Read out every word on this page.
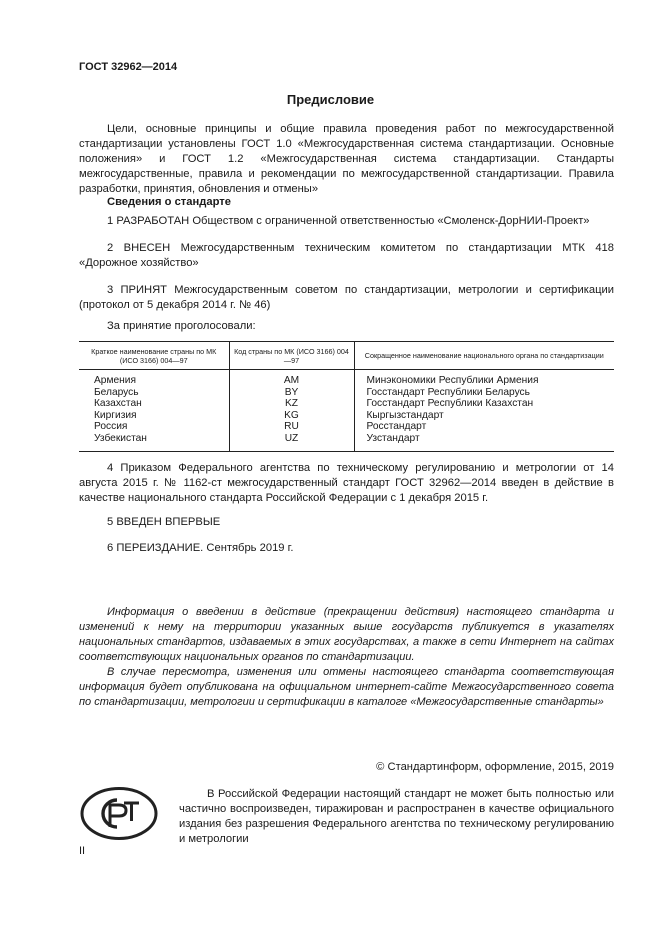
ГОСТ 32962—2014
Предисловие
Цели, основные принципы и общие правила проведения работ по межгосударственной стандартизации установлены ГОСТ 1.0 «Межгосударственная система стандартизации. Основные положения» и ГОСТ 1.2 «Межгосударственная система стандартизации. Стандарты межгосударственные, правила и рекомендации по межгосударственной стандартизации. Правила разработки, принятия, обновления и отмены»
Сведения о стандарте
1 РАЗРАБОТАН Обществом с ограниченной ответственностью «Смоленск-ДорНИИ-Проект»
2 ВНЕСЕН Межгосударственным техническим комитетом по стандартизации МТК 418 «Дорожное хозяйство»
3 ПРИНЯТ Межгосударственным советом по стандартизации, метрологии и сертификации (протокол от 5 декабря 2014 г. № 46)
За принятие проголосовали:
Краткое наименование страны по МК (ИСО 3166) 004—97	Код страны по МК (ИСО 3166) 004—97	Сокращенное наименование национального органа по стандартизации
Армения	AM	Минэкономики Республики Армения
Беларусь	BY	Госстандарт Республики Беларусь
Казахстан	KZ	Госстандарт Республики Казахстан
Киргизия	KG	Кыргызстандарт
Россия	RU	Росстандарт
Узбекистан	UZ	Узстандарт
4 Приказом Федерального агентства по техническому регулированию и метрологии от 14 августа 2015 г. № 1162-ст межгосударственный стандарт ГОСТ 32962—2014 введен в действие в качестве национального стандарта Российской Федерации с 1 декабря 2015 г.
5 ВВЕДЕН ВПЕРВЫЕ
6 ПЕРЕИЗДАНИЕ. Сентябрь 2019 г.

Информация о введении в действие (прекращении действия) настоящего стандарта и изменений к нему на территории указанных выше государств публикуется в указателях национальных стандартов, издаваемых в этих государствах, а также в сети Интернет на сайтах соответствующих национальных органов по стандартизации.

В случае пересмотра, изменения или отмены настоящего стандарта соответствующая информация будет опубликована на официальном интернет-сайте Межгосударственного совета по стандартизации, метрологии и сертификации в каталоге «Межгосударственные стандарты»

© Стандартинформ, оформление, 2015, 2019
В Российской Федерации настоящий стандарт не может быть полностью или частично воспроизведен, тиражирован и распространен в качестве официального издания без разрешения Федерального агентства по техническому регулированию и метрологии
II
